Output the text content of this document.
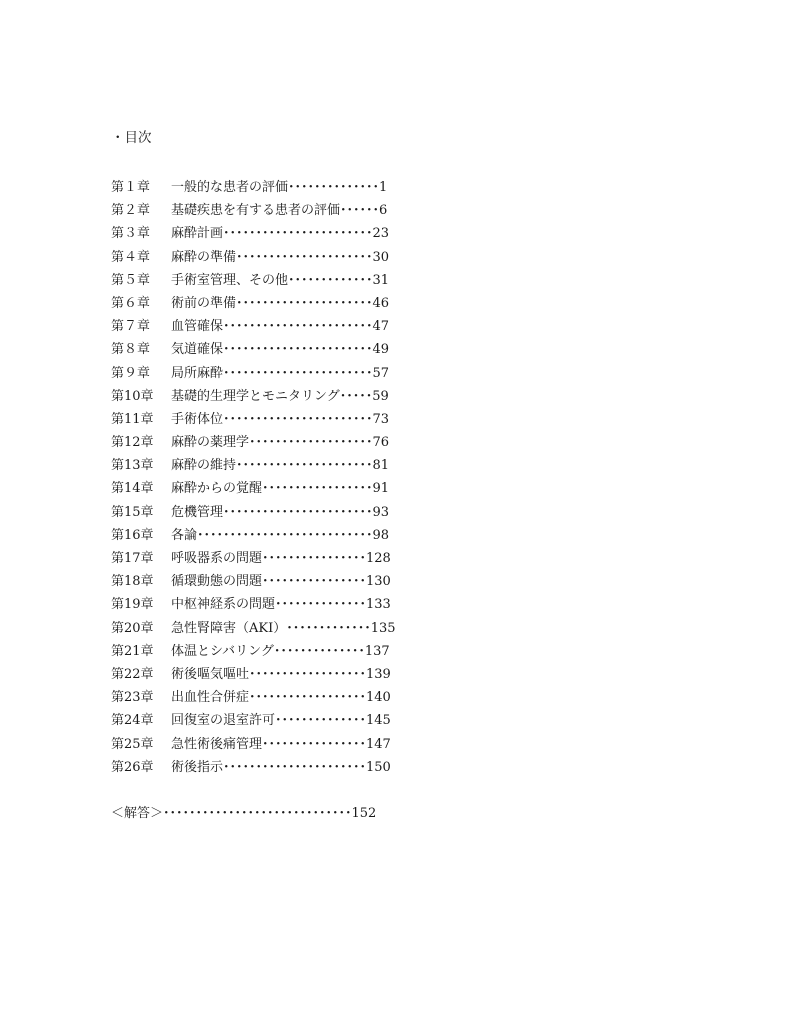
・目次
第１章 一般的な患者の評価･･････････････1
第２章 基礎疾患を有する患者の評価･･････6
第３章 麻酔計画･･･････････････････････23
第４章 麻酔の準備･････････････････････30
第５章 手術室管理、その他･････････････31
第６章 術前の準備･････････････････････46
第７章 血管確保･･･････････････････････47
第８章 気道確保･･･････････････････････49
第９章 局所麻酔･･･････････････････････57
第10章 基礎的生理学とモニタリング･････59
第11章 手術体位･･･････････････････････73
第12章 麻酔の薬理学･･･････････････････76
第13章 麻酔の維持･････････････････････81
第14章 麻酔からの覚醒･････････････････91
第15章 危機管理･･･････････････････････93
第16章 各論･･･････････････････････････98
第17章 呼吸器系の問題････････････････128
第18章 循環動態の問題････････････････130
第19章 中枢神経系の問題･･････････････133
第20章 急性腎障害（AKI）･････････････135
第21章 体温とシバリング･･････････････137
第22章 術後嘔気嘔吐･･････････････････139
第23章 出血性合併症･･････････････････140
第24章 回復室の退室許可･･････････････145
第25章 急性術後痛管理････････････････147
第26章 術後指示･･････････････････････150
＜解答＞･････････････････････････････152
